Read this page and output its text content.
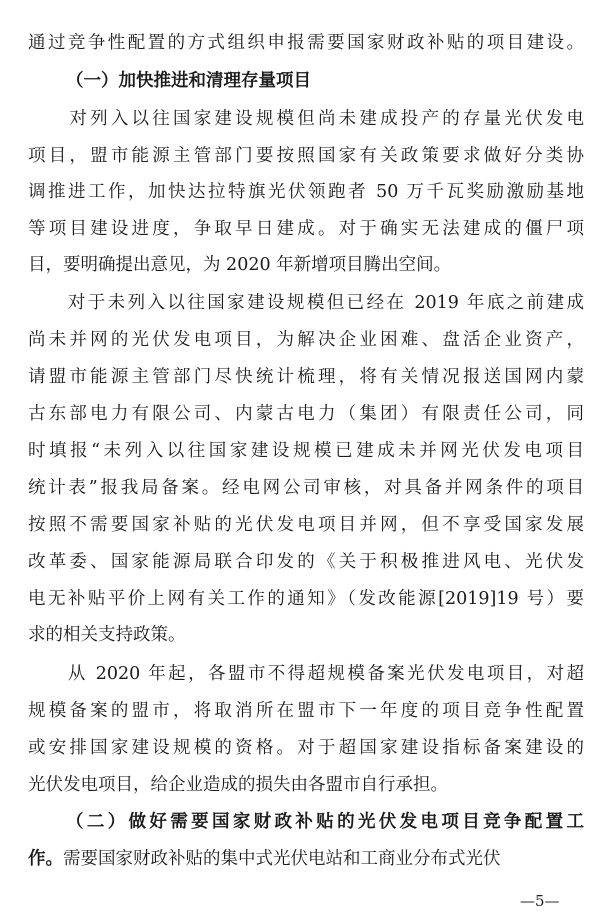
通过竞争性配置的方式组织申报需要国家财政补贴的项目建设。
（一）加快推进和清理存量项目
　　对列入以往国家建设规模但尚未建成投产的存量光伏发电
项目，盟市能源主管部门要按照国家有关政策要求做好分类协
调推进工作，加快达拉特旗光伏领跑者 50 万千瓦奖励激励基地
等项目建设进度，争取早日建成。对于确实无法建成的僵尸项
目，要明确提出意见，为 2020 年新增项目腾出空间。
　　对于未列入以往国家建设规模但已经在 2019 年底之前建成
尚未并网的光伏发电项目，为解决企业困难、盘活企业资产，
请盟市能源主管部门尽快统计梳理，将有关情况报送国网内蒙
古东部电力有限公司、内蒙古电力（集团）有限责任公司，同
时填报“未列入以往国家建设规模已建成未并网光伏发电项目
统计表”报我局备案。经电网公司审核，对具备并网条件的项目
按照不需要国家补贴的光伏发电项目并网，但不享受国家发展
改革委、国家能源局联合印发的《关于积极推进风电、光伏发
电无补贴平价上网有关工作的通知》（发改能源[2019]19 号）要
求的相关支持政策。
　　从 2020 年起，各盟市不得超规模备案光伏发电项目，对超
规模备案的盟市，将取消所在盟市下一年度的项目竞争性配置
或安排国家建设规模的资格。对于超国家建设指标备案建设的
光伏发电项目，给企业造成的损失由各盟市自行承担。
（二）做好需要国家财政补贴的光伏发电项目竞争配置工
作。需要国家财政补贴的集中式光伏电站和工商业分布式光伏
—5—
